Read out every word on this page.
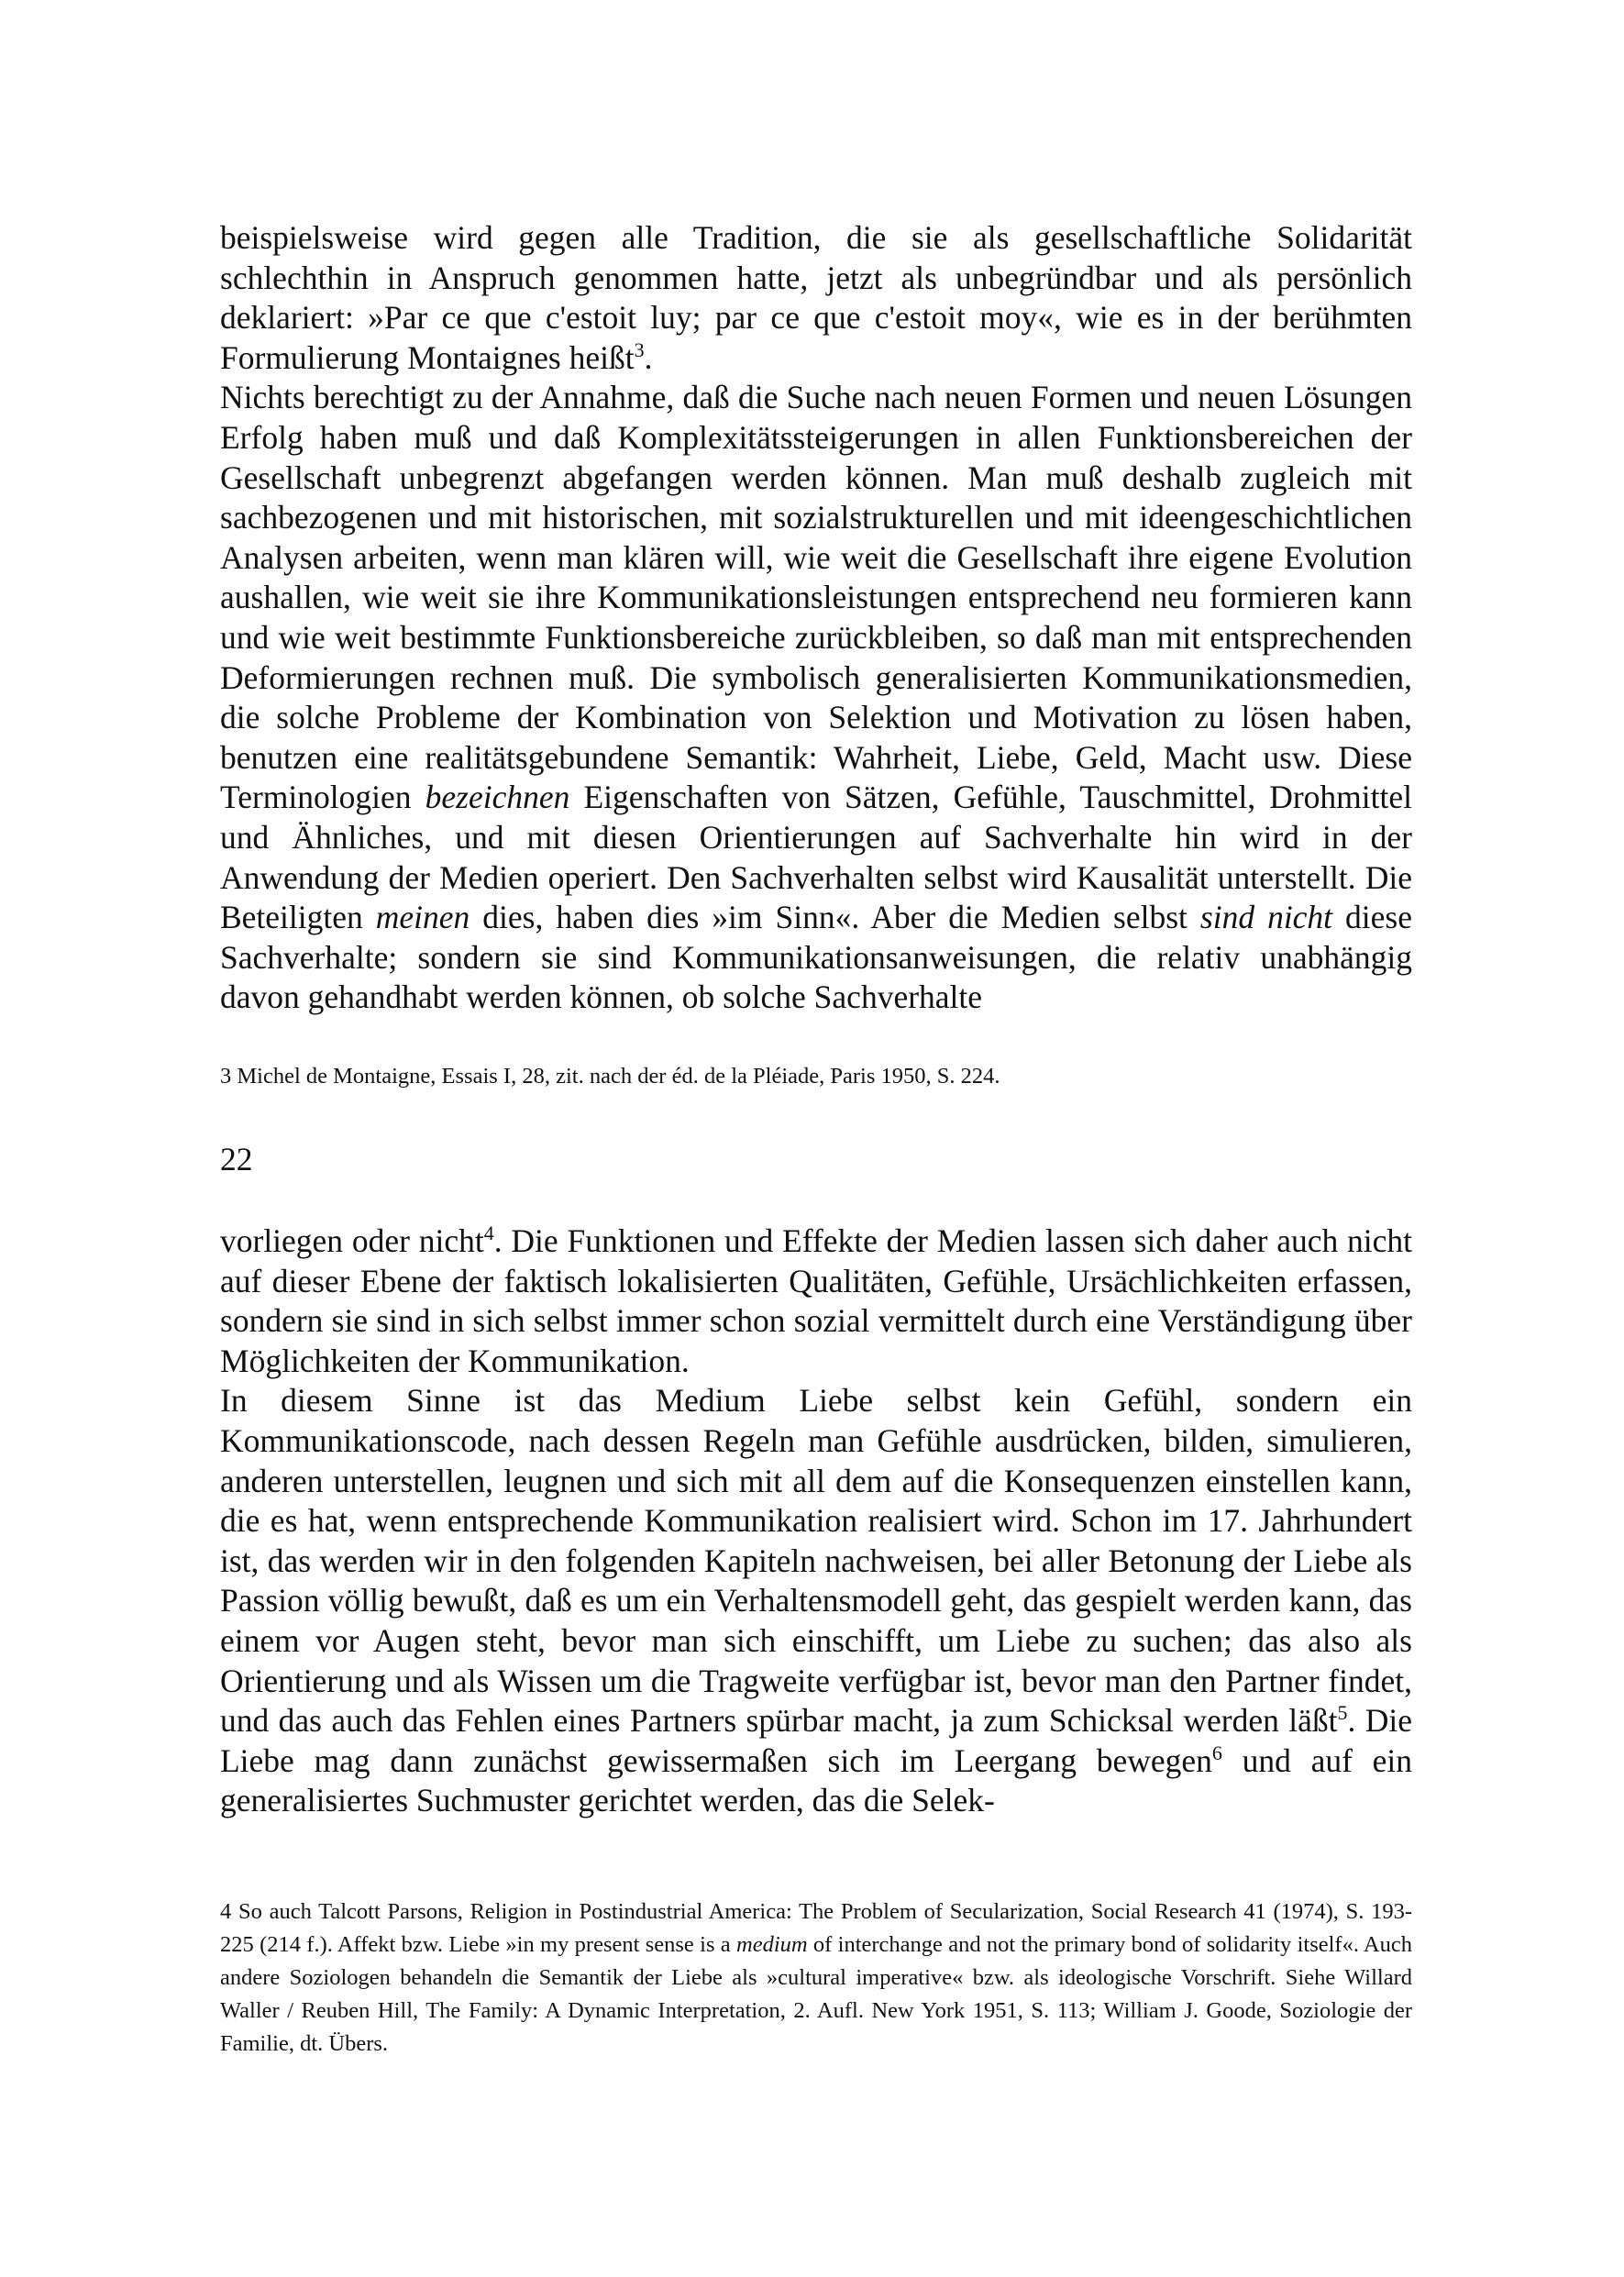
beispielsweise wird gegen alle Tradition, die sie als gesellschaftliche Solidarität schlechthin in Anspruch genommen hatte, jetzt als unbegründbar und als persönlich deklariert: »Par ce que c'estoit luy; par ce que c'estoit moy«, wie es in der berühmten Formulierung Montaignes heißt$^3$.

Nichts berechtigt zu der Annahme, daß die Suche nach neuen Formen und neuen Lösungen Erfolg haben muß und daß Komplexitätssteigerungen in allen Funktionsbereichen der Gesellschaft unbegrenzt abgefangen werden können. Man muß deshalb zugleich mit sachbezogenen und mit historischen, mit sozialstrukturellen und mit ideengeschichtlichen Analysen arbeiten, wenn man klären will, wie weit die Gesellschaft ihre eigene Evolution aushallen, wie weit sie ihre Kommunikationsleistungen entsprechend neu formieren kann und wie weit bestimmte Funktionsbereiche zurückbleiben, so daß man mit entsprechenden Deformierungen rechnen muß. Die symbolisch generalisierten Kommunikationsmedien, die solche Probleme der Kombination von Selektion und Motivation zu lösen haben, benutzen eine realitätsgebundene Semantik: Wahrheit, Liebe, Geld, Macht usw. Diese Terminologien bezeichnen Eigenschaften von Sätzen, Gefühle, Tauschmittel, Drohmittel und Ähnliches, und mit diesen Orientierungen auf Sachverhalte hin wird in der Anwendung der Medien operiert. Den Sachverhalten selbst wird Kausalität unterstellt. Die Beteiligten meinen dies, haben dies »im Sinn«. Aber die Medien selbst sind nicht diese Sachverhalte; sondern sie sind Kommunikationsanweisungen, die relativ unabhängig davon gehandhabt werden können, ob solche Sachverhalte

3 Michel de Montaigne, Essais I, 28, zit. nach der éd. de la Pléiade, Paris 1950, S. 224.
22

vorliegen oder nicht$^4$. Die Funktionen und Effekte der Medien lassen sich daher auch nicht auf dieser Ebene der faktisch lokalisierten Qualitäten, Gefühle, Ursächlichkeiten erfassen, sondern sie sind in sich selbst immer schon sozial vermittelt durch eine Verständigung über Möglichkeiten der Kommunikation.

In diesem Sinne ist das Medium Liebe selbst kein Gefühl, sondern ein Kommunikationscode, nach dessen Regeln man Gefühle ausdrücken, bilden, simulieren, anderen unterstellen, leugnen und sich mit all dem auf die Konsequenzen einstellen kann, die es hat, wenn entsprechende Kommunikation realisiert wird. Schon im 17. Jahrhundert ist, das werden wir in den folgenden Kapiteln nachweisen, bei aller Betonung der Liebe als Passion völlig bewußt, daß es um ein Verhaltensmodell geht, das gespielt werden kann, das einem vor Augen steht, bevor man sich einschifft, um Liebe zu suchen; das also als Orientierung und als Wissen um die Tragweite verfügbar ist, bevor man den Partner findet, und das auch das Fehlen eines Partners spürbar macht, ja zum Schicksal werden läßt$^5$. Die Liebe mag dann zunächst gewissermaßen sich im Leergang bewegen$^6$ und auf ein generalisiertes Suchmuster gerichtet werden, das die Selek-

4 So auch Talcott Parsons, Religion in Postindustrial America: The Problem of Secularization, Social Research 41 (1974), S. 193-225 (214 f.). Affekt bzw. Liebe »in my present sense is a medium of interchange and not the primary bond of solidarity itself«. Auch andere Soziologen behandeln die Semantik der Liebe als »cultural imperative« bzw. als ideologische Vorschrift. Siehe Willard Waller / Reuben Hill, The Family: A Dynamic Interpretation, 2. Aufl. New York 1951, S. 113; William J. Goode, Soziologie der Familie, dt. Übers.
